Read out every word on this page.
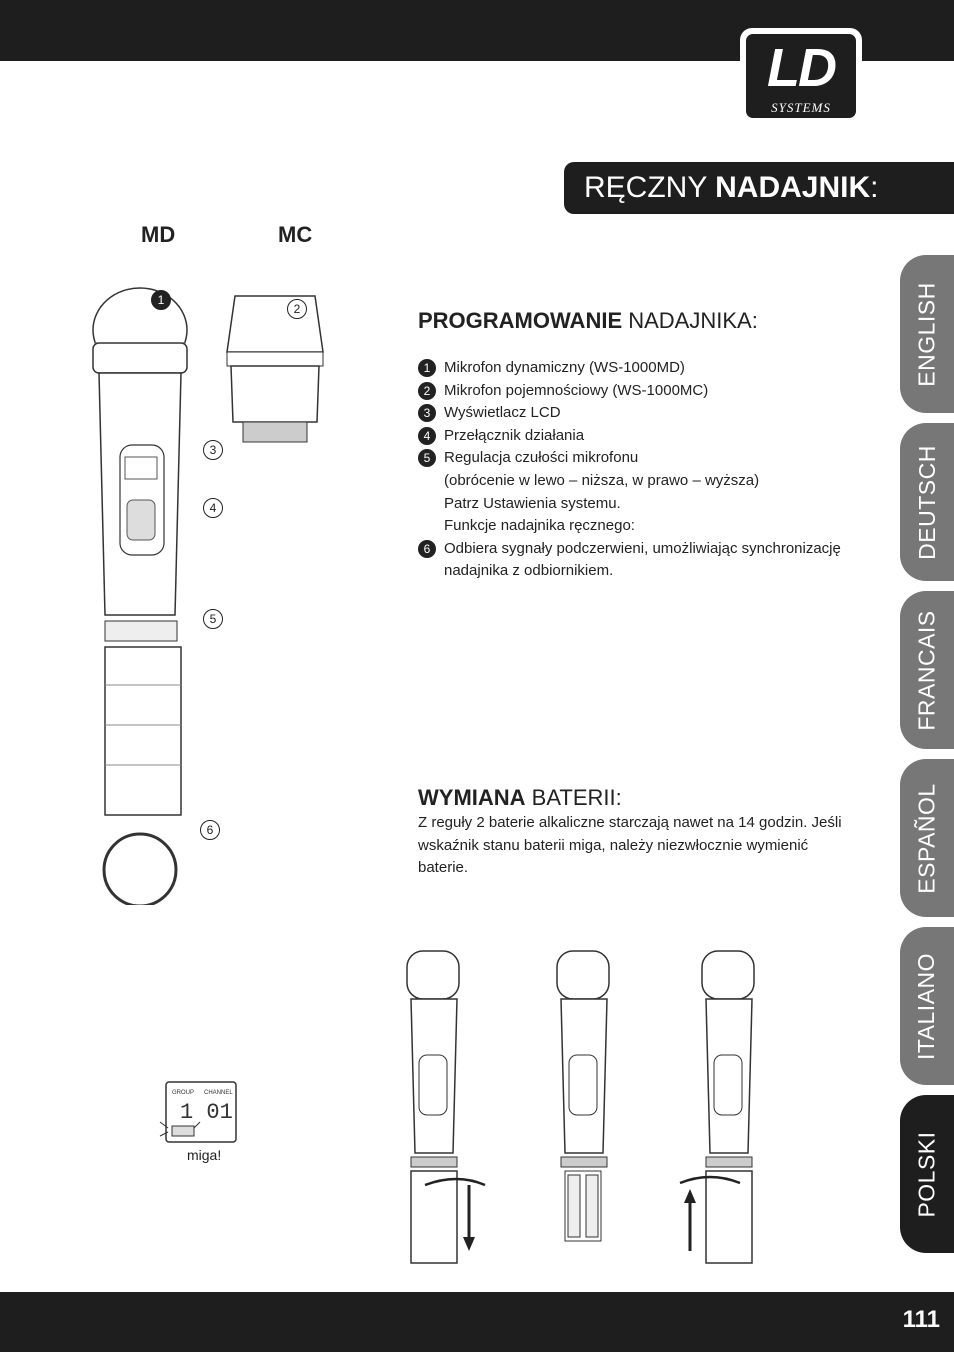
LD
SYSTEMS
RĘCZNY NADAJNIK:
MD	MC
1
2
3
4
5
6
GROUP CHANNEL
1 01
miga!
PROGRAMOWANIE NADAJNIKA:
1 Mikrofon dynamiczny (WS-1000MD)
2 Mikrofon pojemnościowy (WS-1000MC)
3 Wyświetlacz LCD
4 Przełącznik działania
5 Regulacja czułości mikrofonu
(obrócenie w lewo – niższa, w prawo – wyższa)
Patrz Ustawienia systemu.
Funkcje nadajnika ręcznego:
6 Odbiera sygnały podczerwieni, umożliwiając synchronizację
nadajnika z odbiornikiem.
WYMIANA BATERII:
Z reguły 2 baterie alkaliczne starczają nawet na 14 godzin. Jeśli wskaźnik stanu baterii miga, należy niezwłocznie wymienić baterie.
ENGLISH
DEUTSCH
FRANCAIS
ESPAÑOL
ITALIANO
POLSKI
111
